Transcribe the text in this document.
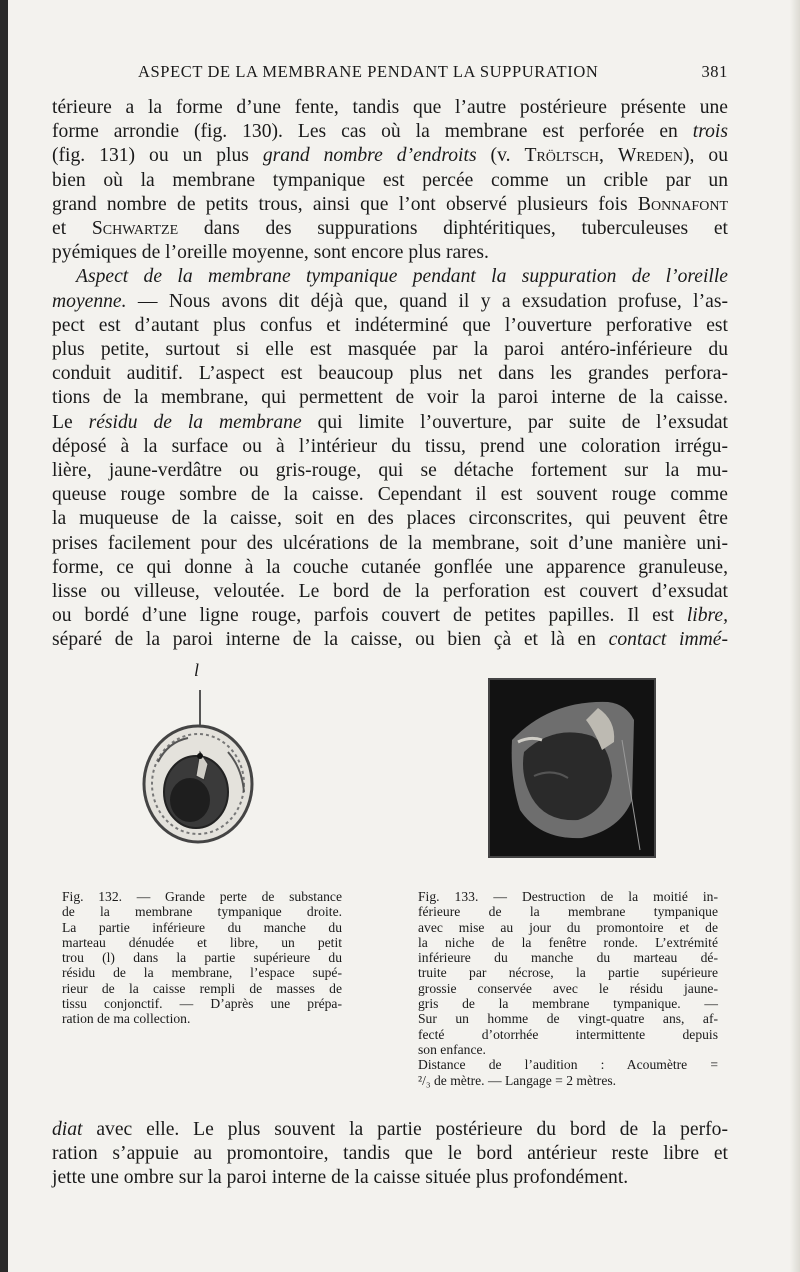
ASPECT DE LA MEMBRANE PENDANT LA SUPPURATION	381
térieure a la forme d’une fente, tandis que l’autre postérieure présente une
forme arrondie (fig. 130). Les cas où la membrane est perforée en trois
(fig. 131) ou un plus grand nombre d’endroits (v. Tröltsch, Wreden), ou
bien où la membrane tympanique est percée comme un crible par un
grand nombre de petits trous, ainsi que l’ont observé plusieurs fois Bonnafont
et Schwartze dans des suppurations diphtéritiques, tuberculeuses et
pyémiques de l’oreille moyenne, sont encore plus rares.
Aspect de la membrane tympanique pendant la suppuration de l’oreille
moyenne. — Nous avons dit déjà que, quand il y a exsudation profuse, l’as-
pect est d’autant plus confus et indéterminé que l’ouverture perforative est
plus petite, surtout si elle est masquée par la paroi antéro-inférieure du
conduit auditif. L’aspect est beaucoup plus net dans les grandes perfora-
tions de la membrane, qui permettent de voir la paroi interne de la caisse.
Le résidu de la membrane qui limite l’ouverture, par suite de l’exsudat
déposé à la surface ou à l’intérieur du tissu, prend une coloration irrégu-
lière, jaune-verdâtre ou gris-rouge, qui se détache fortement sur la mu-
queuse rouge sombre de la caisse. Cependant il est souvent rouge comme
la muqueuse de la caisse, soit en des places circonscrites, qui peuvent être
prises facilement pour des ulcérations de la membrane, soit d’une manière uni-
forme, ce qui donne à la couche cutanée gonflée une apparence granuleuse,
lisse ou villeuse, veloutée. Le bord de la perforation est couvert d’exsudat
ou bordé d’une ligne rouge, parfois couvert de petites papilles. Il est libre,
séparé de la paroi interne de la caisse, ou bien çà et là en contact immé-
l
Fig. 132. — Grande perte de substance
de la membrane tympanique droite.
La partie inférieure du manche du
marteau dénudée et libre, un petit
trou (l) dans la partie supérieure du
résidu de la membrane, l’espace supé-
rieur de la caisse rempli de masses de
tissu conjonctif. — D’après une prépa-
ration de ma collection.
Fig. 133. — Destruction de la moitié in-
férieure de la membrane tympanique
avec mise au jour du promontoire et de
la niche de la fenêtre ronde. L’extrémité
inférieure du manche du marteau dé-
truite par nécrose, la partie supérieure
grossie conservée avec le résidu jaune-
gris de la membrane tympanique. —
Sur un homme de vingt-quatre ans, af-
fecté d’otorrhée intermittente depuis
son enfance.
Distance de l’audition : Acoumètre =
²/₃ de mètre. — Langage = 2 mètres.
diat avec elle. Le plus souvent la partie postérieure du bord de la perfo-
ration s’appuie au promontoire, tandis que le bord antérieur reste libre et
jette une ombre sur la paroi interne de la caisse située plus profondément.
